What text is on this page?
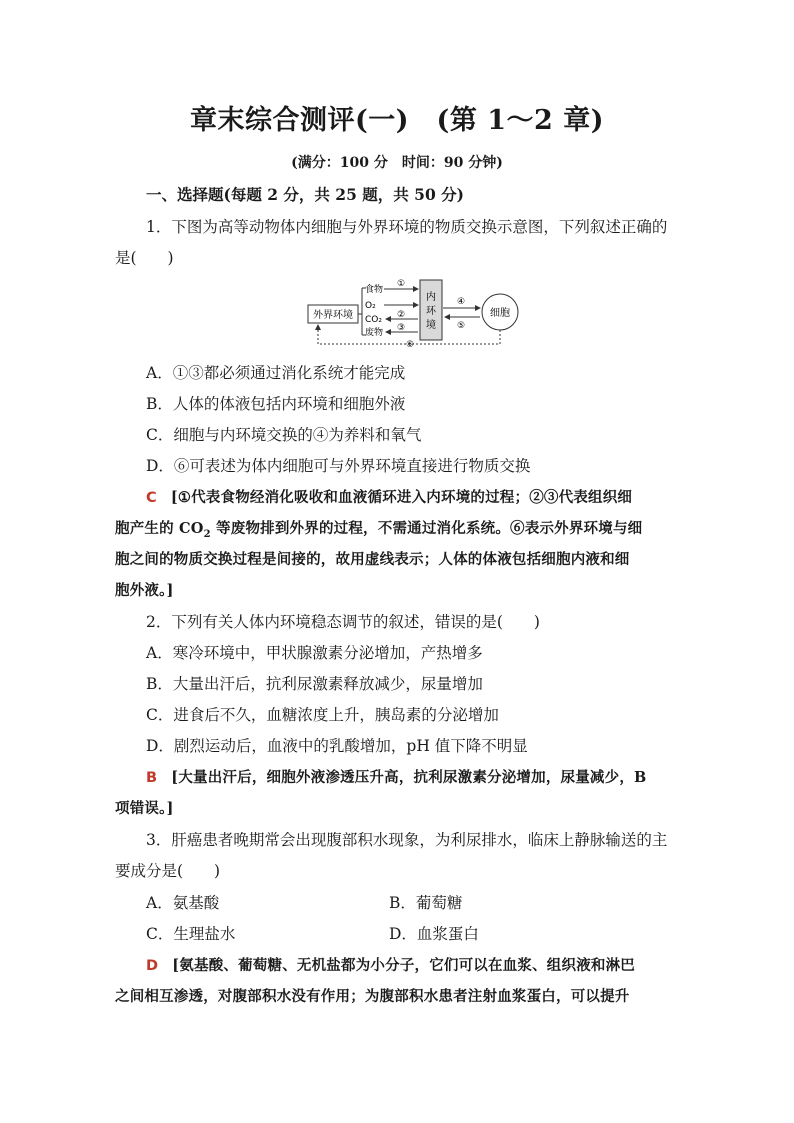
章末综合测评(一)　(第 1～2 章)
(满分：100 分　时间：90 分钟)
一、选择题(每题 2 分，共 25 题，共 50 分)
1．下图为高等动物体内细胞与外界环境的物质交换示意图，下列叙述正确的
是(　　)
外界环境
食物
O₂
CO₂
废物
①
②
③
内
环
境
④
⑤
细胞
⑥
A．①③都必须通过消化系统才能完成
B．人体的体液包括内环境和细胞外液
C．细胞与内环境交换的④为养料和氧气
D．⑥可表述为体内细胞可与外界环境直接进行物质交换
C [①代表食物经消化吸收和血液循环进入内环境的过程；②③代表组织细
胞产生的 $CO_2$ 等废物排到外界的过程，不需通过消化系统。⑥表示外界环境与细
胞之间的物质交换过程是间接的，故用虚线表示；人体的体液包括细胞内液和细
胞外液。]
2．下列有关人体内环境稳态调节的叙述，错误的是(　　)
A．寒冷环境中，甲状腺激素分泌增加，产热增多
B．大量出汗后，抗利尿激素释放减少，尿量增加
C．进食后不久，血糖浓度上升，胰岛素的分泌增加
D．剧烈运动后，血液中的乳酸增加，pH 值下降不明显
B [大量出汗后，细胞外液渗透压升高，抗利尿激素分泌增加，尿量减少，B
项错误。]
3．肝癌患者晚期常会出现腹部积水现象，为利尿排水，临床上静脉输送的主
要成分是(　　)
A．氨基酸	B．葡萄糖
C．生理盐水	D．血浆蛋白
D [氨基酸、葡萄糖、无机盐都为小分子，它们可以在血浆、组织液和淋巴
之间相互渗透，对腹部积水没有作用；为腹部积水患者注射血浆蛋白，可以提升
